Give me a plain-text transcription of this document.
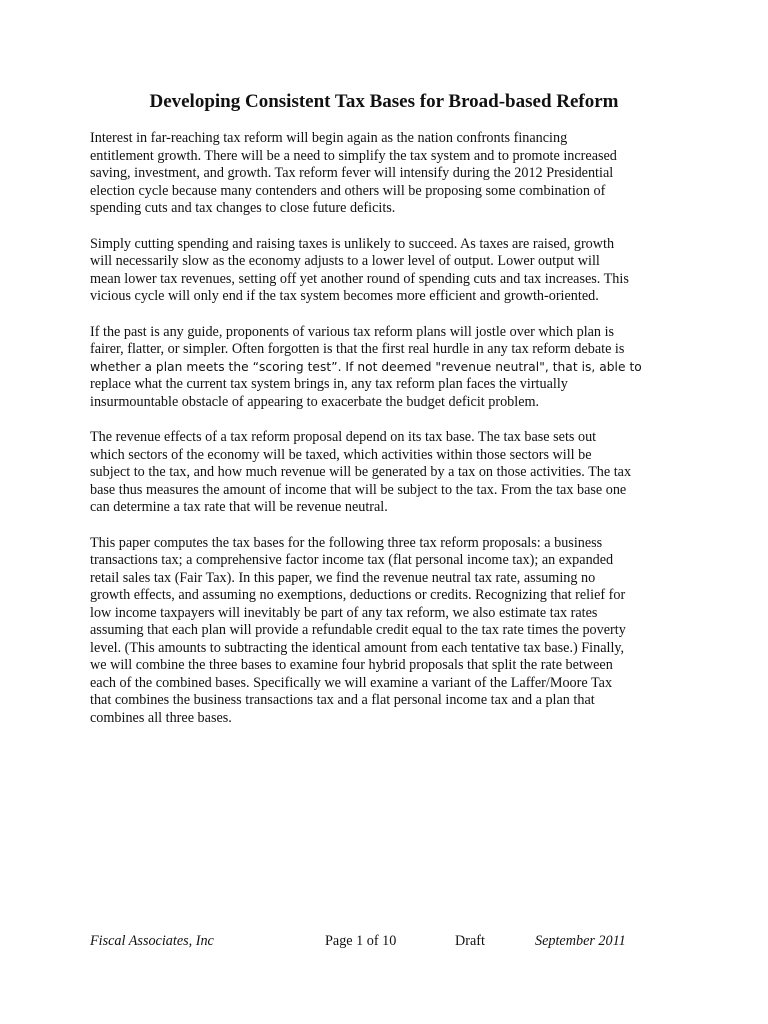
Developing Consistent Tax Bases for Broad-based Reform

Interest in far-reaching tax reform will begin again as the nation confronts financing
entitlement growth. There will be a need to simplify the tax system and to promote increased
saving, investment, and growth. Tax reform fever will intensify during the 2012 Presidential
election cycle because many contenders and others will be proposing some combination of
spending cuts and tax changes to close future deficits.

Simply cutting spending and raising taxes is unlikely to succeed. As taxes are raised, growth
will necessarily slow as the economy adjusts to a lower level of output. Lower output will
mean lower tax revenues, setting off yet another round of spending cuts and tax increases. This
vicious cycle will only end if the tax system becomes more efficient and growth-oriented.

If the past is any guide, proponents of various tax reform plans will jostle over which plan is
fairer, flatter, or simpler. Often forgotten is that the first real hurdle in any tax reform debate is
whether a plan meets the “scoring test”. If not deemed "revenue neutral", that is, able to
replace what the current tax system brings in, any tax reform plan faces the virtually
insurmountable obstacle of appearing to exacerbate the budget deficit problem.

The revenue effects of a tax reform proposal depend on its tax base. The tax base sets out
which sectors of the economy will be taxed, which activities within those sectors will be
subject to the tax, and how much revenue will be generated by a tax on those activities. The tax
base thus measures the amount of income that will be subject to the tax. From the tax base one
can determine a tax rate that will be revenue neutral.

This paper computes the tax bases for the following three tax reform proposals: a business
transactions tax; a comprehensive factor income tax (flat personal income tax); an expanded
retail sales tax (Fair Tax). In this paper, we find the revenue neutral tax rate, assuming no
growth effects, and assuming no exemptions, deductions or credits. Recognizing that relief for
low income taxpayers will inevitably be part of any tax reform, we also estimate tax rates
assuming that each plan will provide a refundable credit equal to the tax rate times the poverty
level. (This amounts to subtracting the identical amount from each tentative tax base.) Finally,
we will combine the three bases to examine four hybrid proposals that split the rate between
each of the combined bases. Specifically we will examine a variant of the Laffer/Moore Tax
that combines the business transactions tax and a flat personal income tax and a plan that
combines all three bases.

Fiscal Associates, Inc	Page 1 of 10	Draft	September 2011
